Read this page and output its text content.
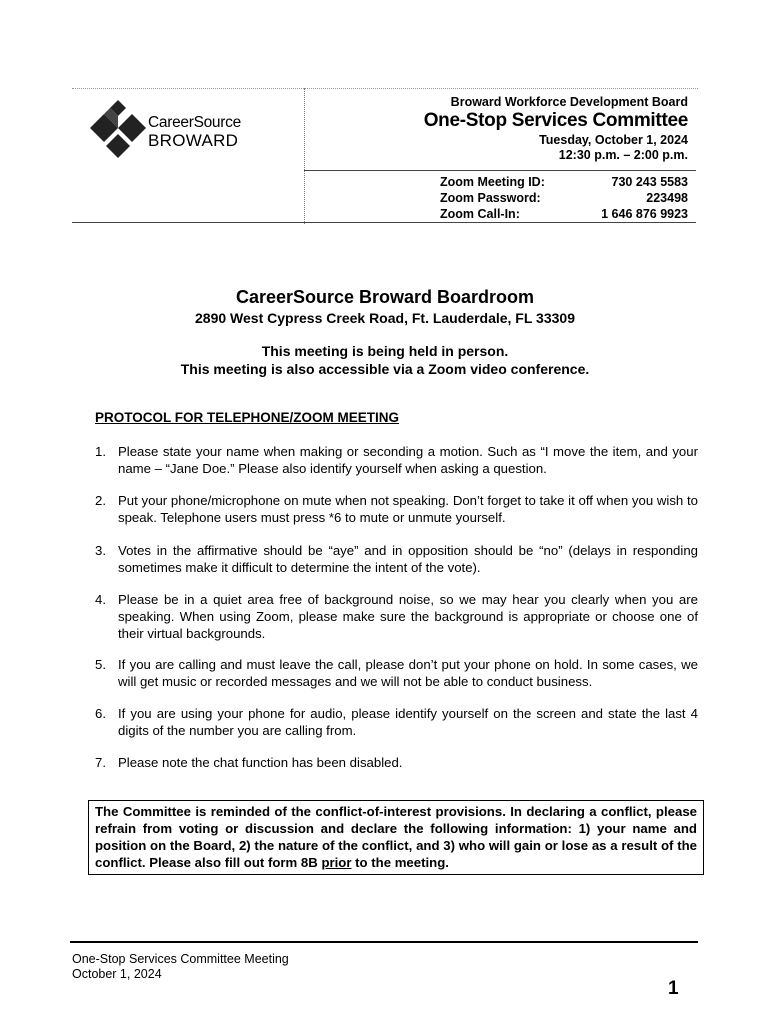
CareerSource
BROWARD
Broward Workforce Development Board
One-Stop Services Committee
Tuesday, October 1, 2024
12:30 p.m. – 2:00 p.m.
Zoom Meeting ID:	730 243 5583
Zoom Password:	223498
Zoom Call-In:	1 646 876 9923
CareerSource Broward Boardroom
2890 West Cypress Creek Road, Ft. Lauderdale, FL 33309
This meeting is being held in person.
This meeting is also accessible via a Zoom video conference.
PROTOCOL FOR TELEPHONE/ZOOM MEETING
1. Please state your name when making or seconding a motion. Such as “I move the item, and your name – “Jane Doe.” Please also identify yourself when asking a question.
2. Put your phone/microphone on mute when not speaking. Don’t forget to take it off when you wish to speak. Telephone users must press *6 to mute or unmute yourself.
3. Votes in the affirmative should be “aye” and in opposition should be “no” (delays in responding sometimes make it difficult to determine the intent of the vote).
4. Please be in a quiet area free of background noise, so we may hear you clearly when you are speaking. When using Zoom, please make sure the background is appropriate or choose one of their virtual backgrounds.
5. If you are calling and must leave the call, please don’t put your phone on hold. In some cases, we will get music or recorded messages and we will not be able to conduct business.
6. If you are using your phone for audio, please identify yourself on the screen and state the last 4 digits of the number you are calling from.
7. Please note the chat function has been disabled.
The Committee is reminded of the conflict-of-interest provisions. In declaring a conflict, please refrain from voting or discussion and declare the following information: 1) your name and position on the Board, 2) the nature of the conflict, and 3) who will gain or lose as a result of the conflict. Please also fill out form 8B prior to the meeting.
One-Stop Services Committee Meeting
October 1, 2024
1
